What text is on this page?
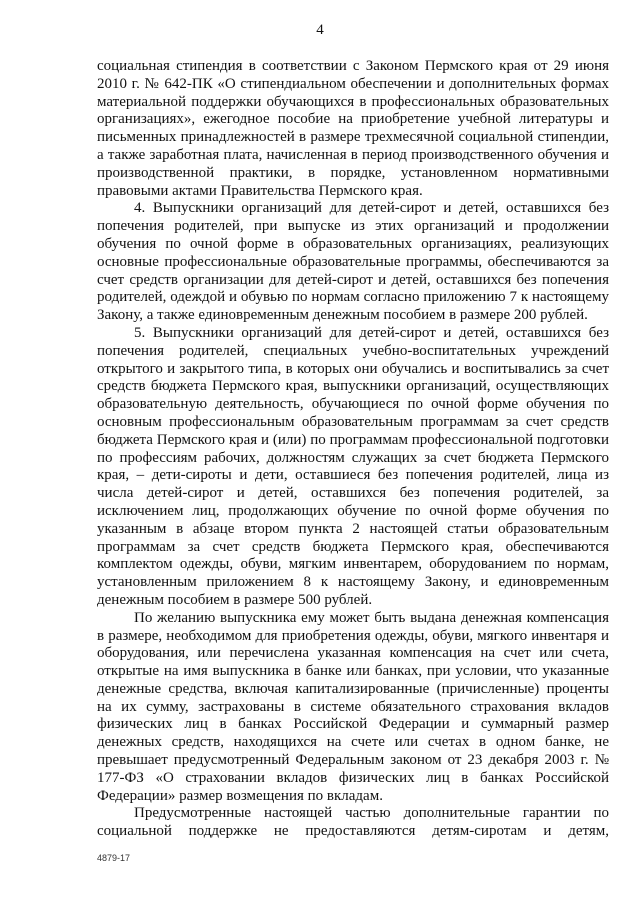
4

социальная стипендия в соответствии с Законом Пермского края от 29 июня 2010 г. № 642-ПК «О стипендиальном обеспечении и дополнительных формах материальной поддержки обучающихся в профессиональных образовательных организациях», ежегодное пособие на приобретение учебной литературы и письменных принадлежностей в размере трехмесячной социальной стипендии, а также заработная плата, начисленная в период производственного обучения и производственной практики, в порядке, установленном нормативными правовыми актами Правительства Пермского края.

4. Выпускники организаций для детей-сирот и детей, оставшихся без попечения родителей, при выпуске из этих организаций и продолжении обучения по очной форме в образовательных организациях, реализующих основные профессиональные образовательные программы, обеспечиваются за счет средств организации для детей-сирот и детей, оставшихся без попечения родителей, одеждой и обувью по нормам согласно приложению 7 к настоящему Закону, а также единовременным денежным пособием в размере 200 рублей.

5. Выпускники организаций для детей-сирот и детей, оставшихся без попечения родителей, специальных учебно-воспитательных учреждений открытого и закрытого типа, в которых они обучались и воспитывались за счет средств бюджета Пермского края, выпускники организаций, осуществляющих образовательную деятельность, обучающиеся по очной форме обучения по основным профессиональным образовательным программам за счет средств бюджета Пермского края и (или) по программам профессиональной подготовки по профессиям рабочих, должностям служащих за счет бюджета Пермского края, – дети-сироты и дети, оставшиеся без попечения родителей, лица из числа детей-сирот и детей, оставшихся без попечения родителей, за исключением лиц, продолжающих обучение по очной форме обучения по указанным в абзаце втором пункта 2 настоящей статьи образовательным программам за счет средств бюджета Пермского края, обеспечиваются комплектом одежды, обуви, мягким инвентарем, оборудованием по нормам, установленным приложением 8 к настоящему Закону, и единовременным денежным пособием в размере 500 рублей.

По желанию выпускника ему может быть выдана денежная компенсация в размере, необходимом для приобретения одежды, обуви, мягкого инвентаря и оборудования, или перечислена указанная компенсация на счет или счета, открытые на имя выпускника в банке или банках, при условии, что указанные денежные средства, включая капитализированные (причисленные) проценты на их сумму, застрахованы в системе обязательного страхования вкладов физических лиц в банках Российской Федерации и суммарный размер денежных средств, находящихся на счете или счетах в одном банке, не превышает предусмотренный Федеральным законом от 23 декабря 2003 г. № 177-ФЗ «О страховании вкладов физических лиц в банках Российской Федерации» размер возмещения по вкладам.

Предусмотренные настоящей частью дополнительные гарантии по социальной поддержке не предоставляются детям-сиротам и детям,

4879-17
